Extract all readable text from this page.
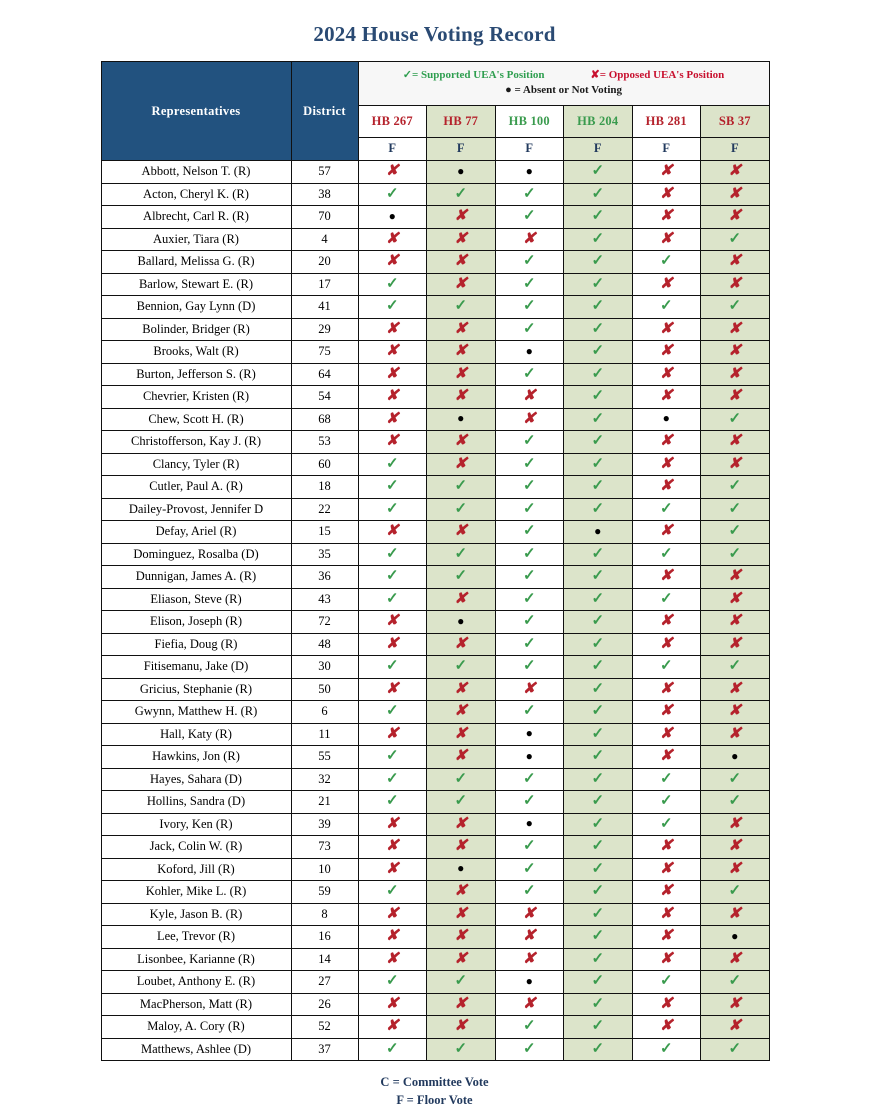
2024 House Voting Record
Representatives	District	✓= Supported UEA's Position ✘= Opposed UEA's Position
● = Absent or Not Voting					

		HB 267	HB 77	HB 100	HB 204	HB 281	SB 37
		F	F	F	F	F	F
Abbott, Nelson T. (R)	57	✘	●	●	✓	✘	✘
Acton, Cheryl K. (R)	38	✓	✓	✓	✓	✘	✘
Albrecht, Carl R. (R)	70	●	✘	✓	✓	✘	✘
Auxier, Tiara (R)	4	✘	✘	✘	✓	✘	✓
Ballard, Melissa G. (R)	20	✘	✘	✓	✓	✓	✘
Barlow, Stewart E. (R)	17	✓	✘	✓	✓	✘	✘
Bennion, Gay Lynn (D)	41	✓	✓	✓	✓	✓	✓
Bolinder, Bridger (R)	29	✘	✘	✓	✓	✘	✘
Brooks, Walt (R)	75	✘	✘	●	✓	✘	✘
Burton, Jefferson S. (R)	64	✘	✘	✓	✓	✘	✘
Chevrier, Kristen (R)	54	✘	✘	✘	✓	✘	✘
Chew, Scott H. (R)	68	✘	●	✘	✓	●	✓
Christofferson, Kay J. (R)	53	✘	✘	✓	✓	✘	✘
Clancy, Tyler (R)	60	✓	✘	✓	✓	✘	✘
Cutler, Paul A. (R)	18	✓	✓	✓	✓	✘	✓
Dailey-Provost, Jennifer D	22	✓	✓	✓	✓	✓	✓
Defay, Ariel (R)	15	✘	✘	✓	●	✘	✓
Dominguez, Rosalba (D)	35	✓	✓	✓	✓	✓	✓
Dunnigan, James A. (R)	36	✓	✓	✓	✓	✘	✘
Eliason, Steve (R)	43	✓	✘	✓	✓	✓	✘
Elison, Joseph (R)	72	✘	●	✓	✓	✘	✘
Fiefia, Doug (R)	48	✘	✘	✓	✓	✘	✘
Fitisemanu, Jake (D)	30	✓	✓	✓	✓	✓	✓
Gricius, Stephanie (R)	50	✘	✘	✘	✓	✘	✘
Gwynn, Matthew H. (R)	6	✓	✘	✓	✓	✘	✘
Hall, Katy (R)	11	✘	✘	●	✓	✘	✘
Hawkins, Jon (R)	55	✓	✘	●	✓	✘	●
Hayes, Sahara (D)	32	✓	✓	✓	✓	✓	✓
Hollins, Sandra (D)	21	✓	✓	✓	✓	✓	✓
Ivory, Ken (R)	39	✘	✘	●	✓	✓	✘
Jack, Colin W. (R)	73	✘	✘	✓	✓	✘	✘
Koford, Jill (R)	10	✘	●	✓	✓	✘	✘
Kohler, Mike L. (R)	59	✓	✘	✓	✓	✘	✓
Kyle, Jason B. (R)	8	✘	✘	✘	✓	✘	✘
Lee, Trevor (R)	16	✘	✘	✘	✓	✘	●
Lisonbee, Karianne (R)	14	✘	✘	✘	✓	✘	✘
Loubet, Anthony E. (R)	27	✓	✓	●	✓	✓	✓
MacPherson, Matt (R)	26	✘	✘	✘	✓	✘	✘
Maloy, A. Cory (R)	52	✘	✘	✓	✓	✘	✘
Matthews, Ashlee (D)	37	✓	✓	✓	✓	✓	✓
C = Committee Vote
F = Floor Vote
